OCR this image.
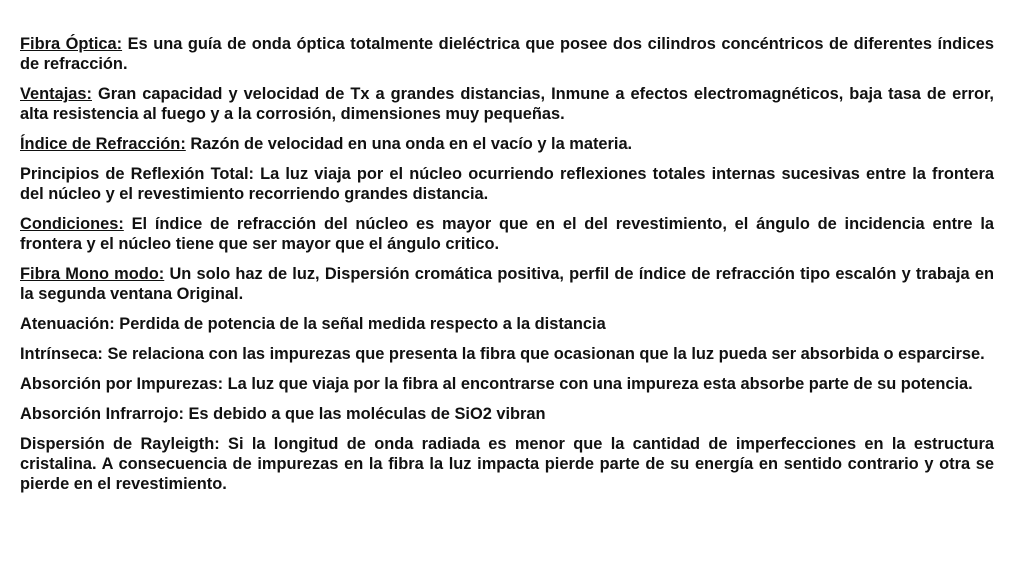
Fibra Óptica: Es una guía de onda óptica totalmente dieléctrica que posee dos cilindros concéntricos de diferentes índices de refracción.

Ventajas: Gran capacidad y velocidad de Tx a grandes distancias, Inmune a efectos electromagnéticos, baja tasa de error, alta resistencia al fuego y a la corrosión, dimensiones muy pequeñas.

Índice de Refracción: Razón de velocidad en una onda en el vacío y la materia.

Principios de Reflexión Total: La luz viaja por el núcleo ocurriendo reflexiones totales internas sucesivas entre la frontera del núcleo y el revestimiento recorriendo grandes distancia.

Condiciones: El índice de refracción del núcleo es mayor que en el del revestimiento, el ángulo de incidencia entre la frontera y el núcleo tiene que ser mayor que el ángulo critico.

Fibra Mono modo: Un solo haz de luz, Dispersión cromática positiva, perfil de índice de refracción tipo escalón y trabaja en la segunda ventana Original.

Atenuación: Perdida de potencia de la señal medida respecto a la distancia

Intrínseca: Se relaciona con las impurezas que presenta la fibra que ocasionan que la luz pueda ser absorbida o esparcirse.

Absorción por Impurezas: La luz que viaja por la fibra al encontrarse con una impureza esta absorbe parte de su potencia.

Absorción Infrarrojo: Es debido a que las moléculas de SiO2 vibran

Dispersión de Rayleigth: Si la longitud de onda radiada es menor que la cantidad de imperfecciones en la estructura cristalina. A consecuencia de impurezas en la fibra la luz impacta pierde parte de su energía en sentido contrario y otra se pierde en el revestimiento.
